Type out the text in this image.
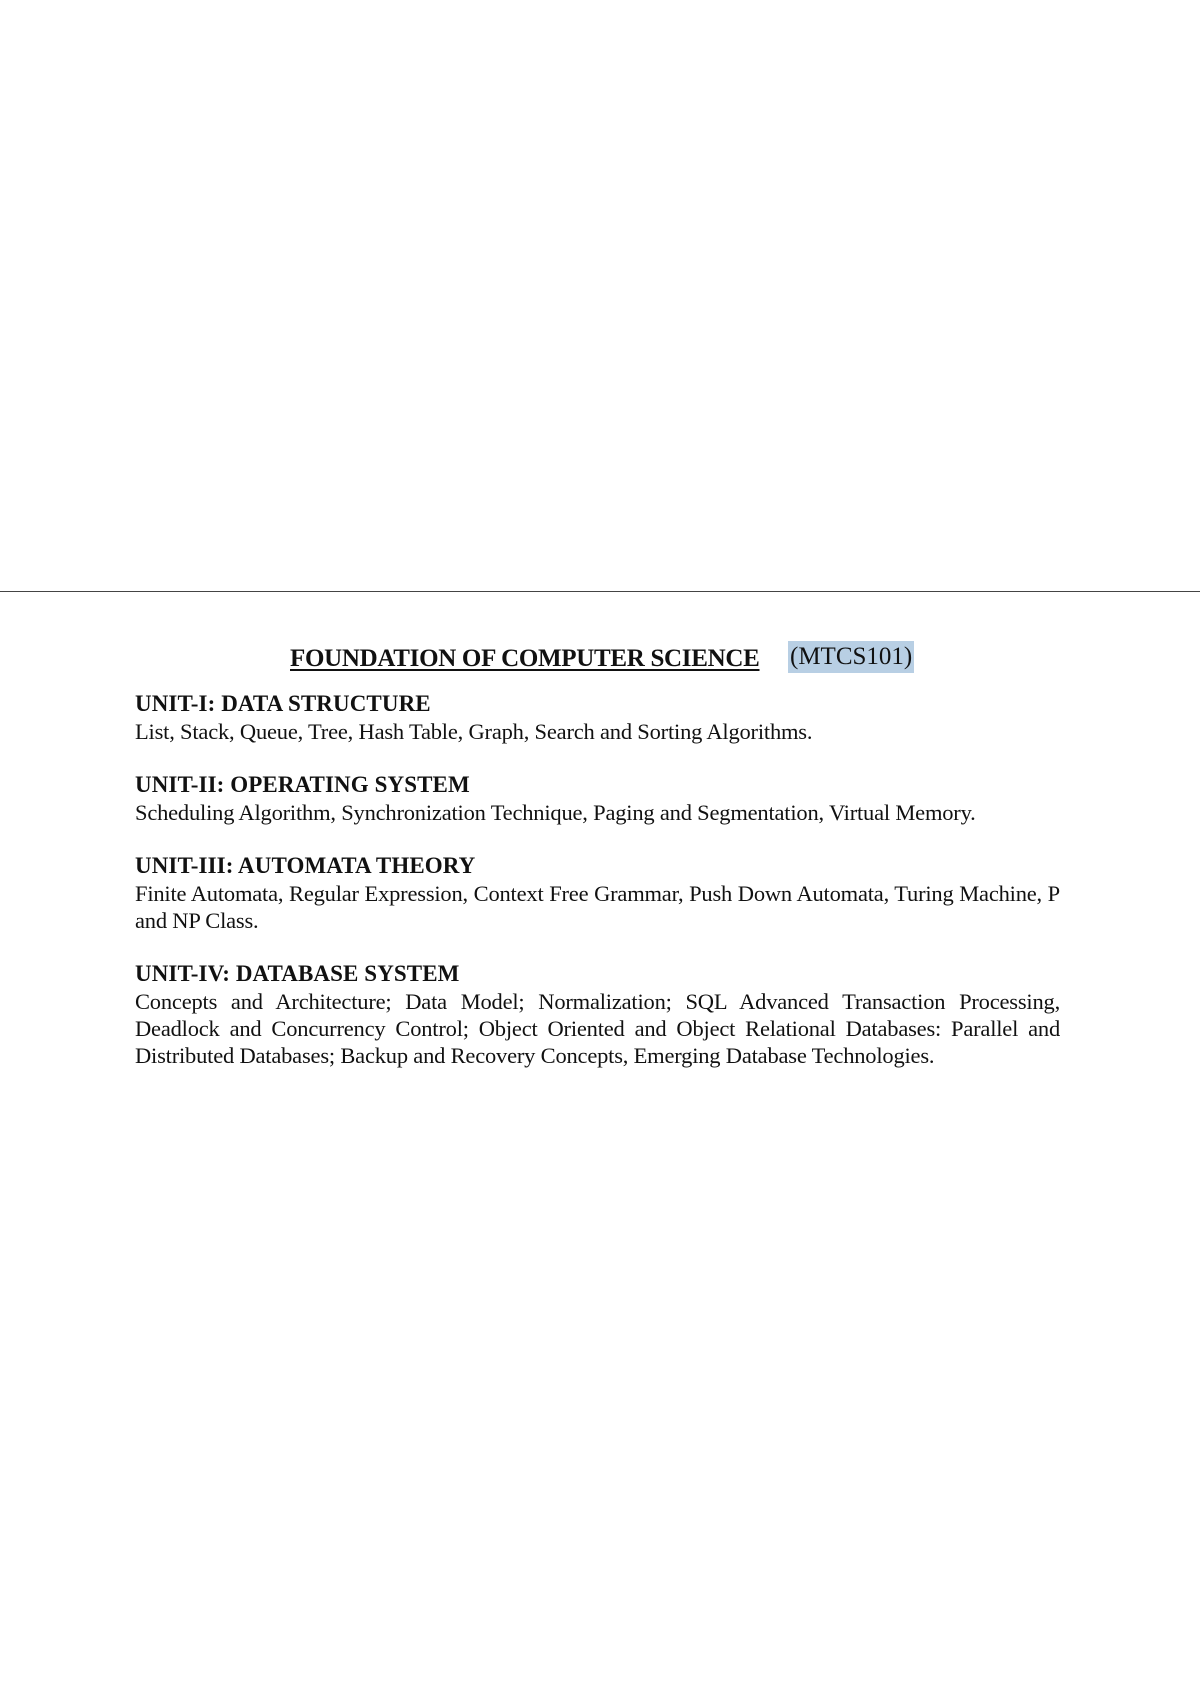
FOUNDATION OF COMPUTER SCIENCE (MTCS101)
UNIT-I: DATA STRUCTURE
List, Stack, Queue, Tree, Hash Table, Graph, Search and Sorting Algorithms.
UNIT-II: OPERATING SYSTEM
Scheduling Algorithm, Synchronization Technique, Paging and Segmentation, Virtual Memory.
UNIT-III: AUTOMATA THEORY
Finite Automata, Regular Expression, Context Free Grammar, Push Down Automata, Turing Machine, P and NP Class.
UNIT-IV: DATABASE SYSTEM
Concepts and Architecture; Data Model; Normalization; SQL Advanced Transaction Processing, Deadlock and Concurrency Control; Object Oriented and Object Relational Databases: Parallel and Distributed Databases; Backup and Recovery Concepts, Emerging Database Technologies.
